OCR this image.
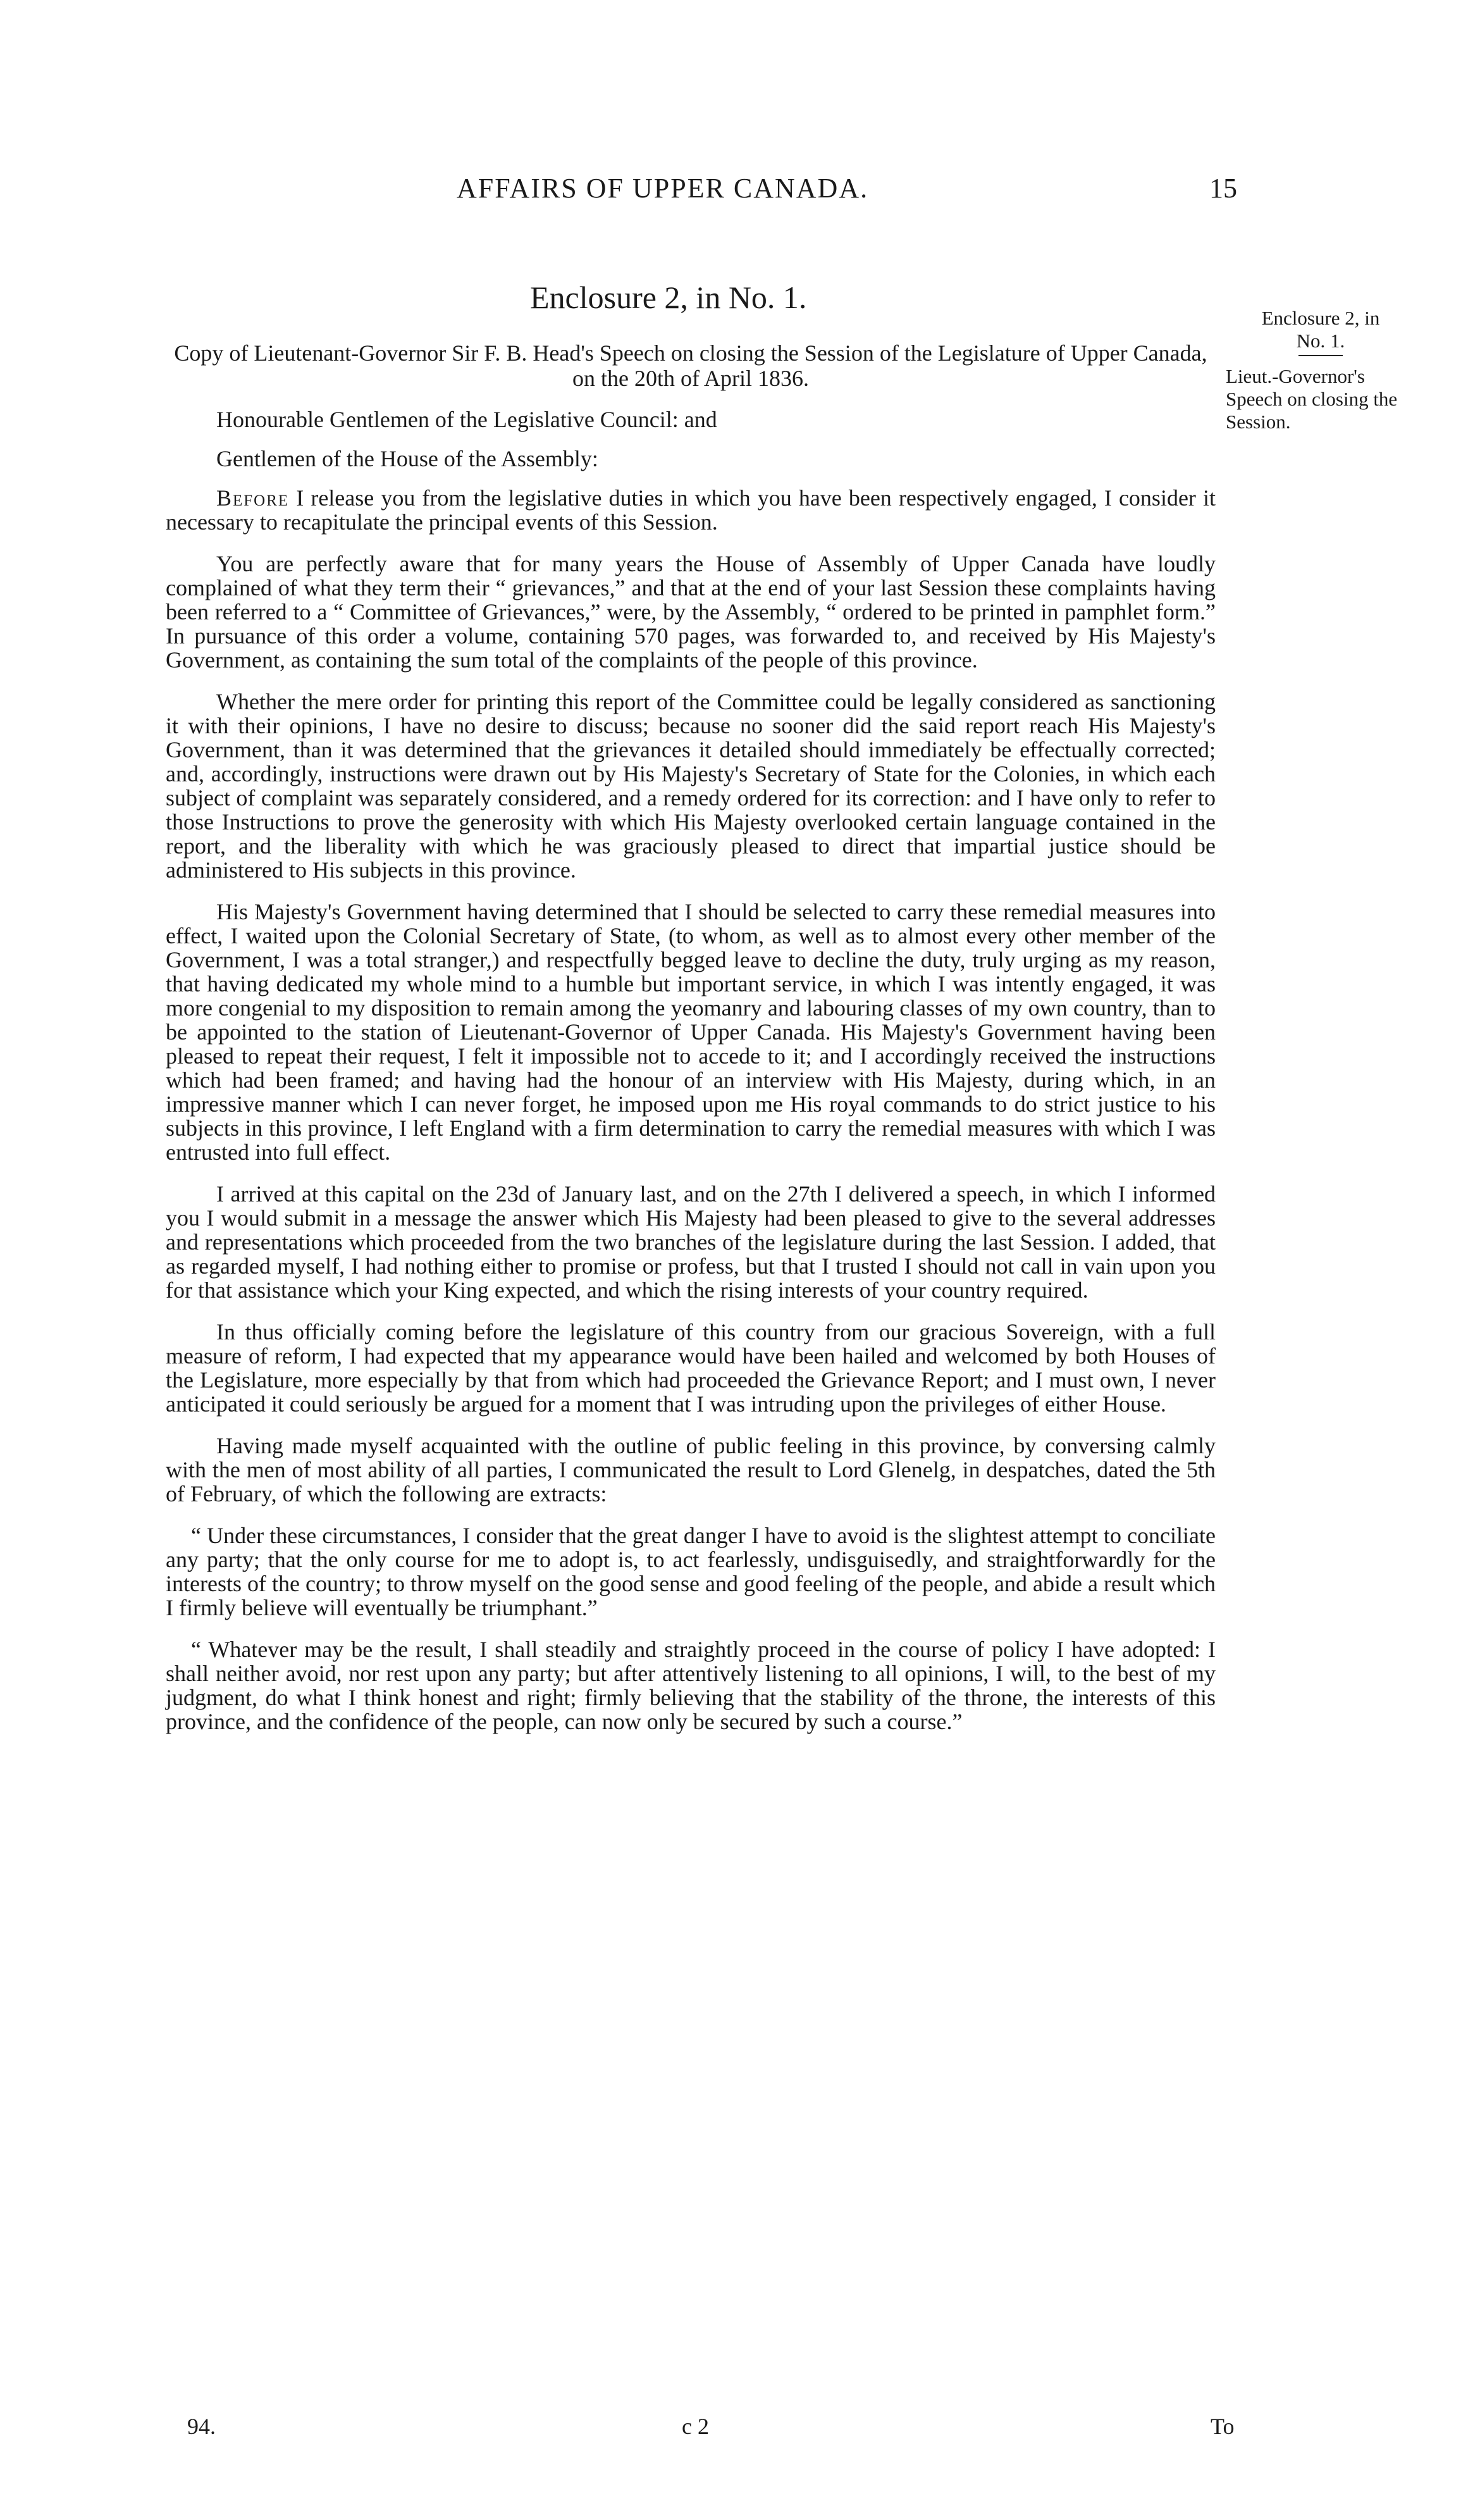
AFFAIRS OF UPPER CANADA.	15
Enclosure 2, in No. 1.
Enclosure 2, in
No. 1.
Lieut.-Governor's Speech on closing the Session.

Copy of Lieutenant-Governor Sir F. B. Head's Speech on closing the Session of the Legislature of Upper Canada, on the 20th of April 1836.

Honourable Gentlemen of the Legislative Council: and

Gentlemen of the House of the Assembly:

Before I release you from the legislative duties in which you have been respectively engaged, I consider it necessary to recapitulate the principal events of this Session.

You are perfectly aware that for many years the House of Assembly of Upper Canada have loudly complained of what they term their “ grievances,” and that at the end of your last Session these complaints having been referred to a “ Committee of Grievances,” were, by the Assembly, “ ordered to be printed in pamphlet form.” In pursuance of this order a volume, containing 570 pages, was forwarded to, and received by His Majesty's Government, as containing the sum total of the complaints of the people of this province.

Whether the mere order for printing this report of the Committee could be legally considered as sanctioning it with their opinions, I have no desire to discuss; because no sooner did the said report reach His Majesty's Government, than it was determined that the grievances it detailed should immediately be effectually corrected; and, accordingly, instructions were drawn out by His Majesty's Secretary of State for the Colonies, in which each subject of complaint was separately considered, and a remedy ordered for its correction: and I have only to refer to those Instructions to prove the generosity with which His Majesty overlooked certain language contained in the report, and the liberality with which he was graciously pleased to direct that impartial justice should be administered to His subjects in this province.

His Majesty's Government having determined that I should be selected to carry these remedial measures into effect, I waited upon the Colonial Secretary of State, (to whom, as well as to almost every other member of the Government, I was a total stranger,) and respectfully begged leave to decline the duty, truly urging as my reason, that having dedicated my whole mind to a humble but important service, in which I was intently engaged, it was more congenial to my disposition to remain among the yeomanry and labouring classes of my own country, than to be appointed to the station of Lieutenant-Governor of Upper Canada. His Majesty's Government having been pleased to repeat their request, I felt it impossible not to accede to it; and I accordingly received the instructions which had been framed; and having had the honour of an interview with His Majesty, during which, in an impressive manner which I can never forget, he imposed upon me His royal commands to do strict justice to his subjects in this province, I left England with a firm determination to carry the remedial measures with which I was entrusted into full effect.

I arrived at this capital on the 23d of January last, and on the 27th I delivered a speech, in which I informed you I would submit in a message the answer which His Majesty had been pleased to give to the several addresses and representations which proceeded from the two branches of the legislature during the last Session. I added, that as regarded myself, I had nothing either to promise or profess, but that I trusted I should not call in vain upon you for that assistance which your King expected, and which the rising interests of your country required.

In thus officially coming before the legislature of this country from our gracious Sovereign, with a full measure of reform, I had expected that my appearance would have been hailed and welcomed by both Houses of the Legislature, more especially by that from which had proceeded the Grievance Report; and I must own, I never anticipated it could seriously be argued for a moment that I was intruding upon the privileges of either House.

Having made myself acquainted with the outline of public feeling in this province, by conversing calmly with the men of most ability of all parties, I communicated the result to Lord Glenelg, in despatches, dated the 5th of February, of which the following are extracts:

“ Under these circumstances, I consider that the great danger I have to avoid is the slightest attempt to conciliate any party; that the only course for me to adopt is, to act fearlessly, undisguisedly, and straightforwardly for the interests of the country; to throw myself on the good sense and good feeling of the people, and abide a result which I firmly believe will eventually be triumphant.”

“ Whatever may be the result, I shall steadily and straightly proceed in the course of policy I have adopted: I shall neither avoid, nor rest upon any party; but after attentively listening to all opinions, I will, to the best of my judgment, do what I think honest and right; firmly believing that the stability of the throne, the interests of this province, and the confidence of the people, can now only be secured by such a course.”

94.	c 2	To
